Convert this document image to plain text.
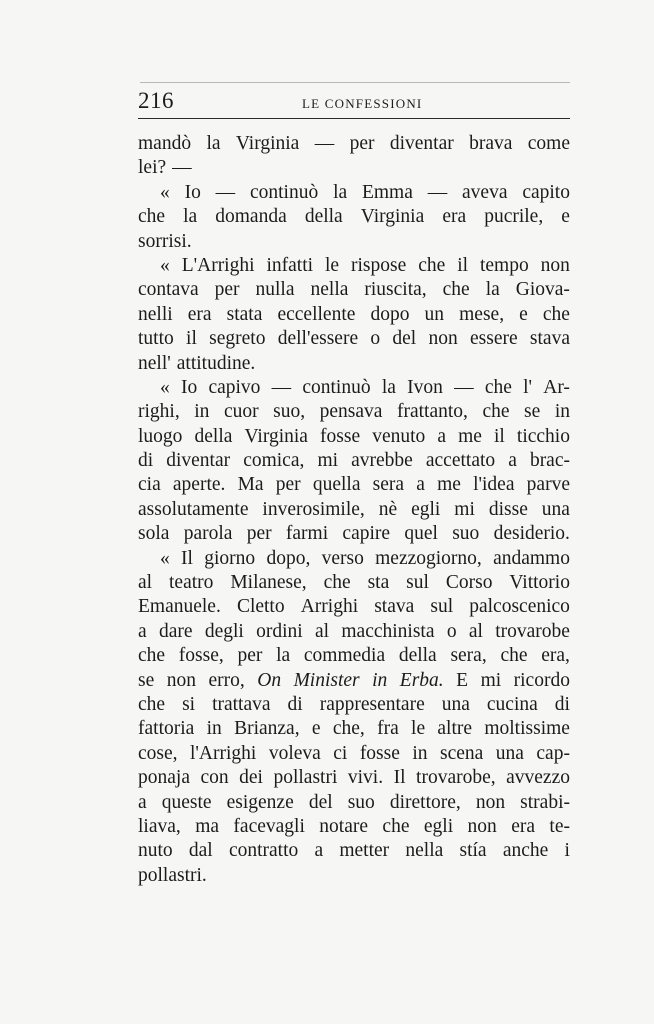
216	LE CONFESSIONI
mandò la Virginia — per diventar brava come
lei? —
« Io — continuò la Emma — aveva capito
che la domanda della Virginia era pucrile, e
sorrisi.
« L'Arrighi infatti le rispose che il tempo non
contava per nulla nella riuscita, che la Giova-
nelli era stata eccellente dopo un mese, e che
tutto il segreto dell'essere o del non essere stava
nell' attitudine.
« Io capivo — continuò la Ivon — che l' Ar-
righi, in cuor suo, pensava frattanto, che se in
luogo della Virginia fosse venuto a me il ticchio
di diventar comica, mi avrebbe accettato a brac-
cia aperte. Ma per quella sera a me l'idea parve
assolutamente inverosimile, nè egli mi disse una
sola parola per farmi capire quel suo desiderio.
« Il giorno dopo, verso mezzogiorno, andammo
al teatro Milanese, che sta sul Corso Vittorio
Emanuele. Cletto Arrighi stava sul palcoscenico
a dare degli ordini al macchinista o al trovarobe
che fosse, per la commedia della sera, che era,
se non erro, On Minister in Erba. E mi ricordo
che si trattava di rappresentare una cucina di
fattoria in Brianza, e che, fra le altre moltissime
cose, l'Arrighi voleva ci fosse in scena una cap-
ponaja con dei pollastri vivi. Il trovarobe, avvezzo
a queste esigenze del suo direttore, non strabi-
liava, ma facevagli notare che egli non era te-
nuto dal contratto a metter nella stía anche i
pollastri.
